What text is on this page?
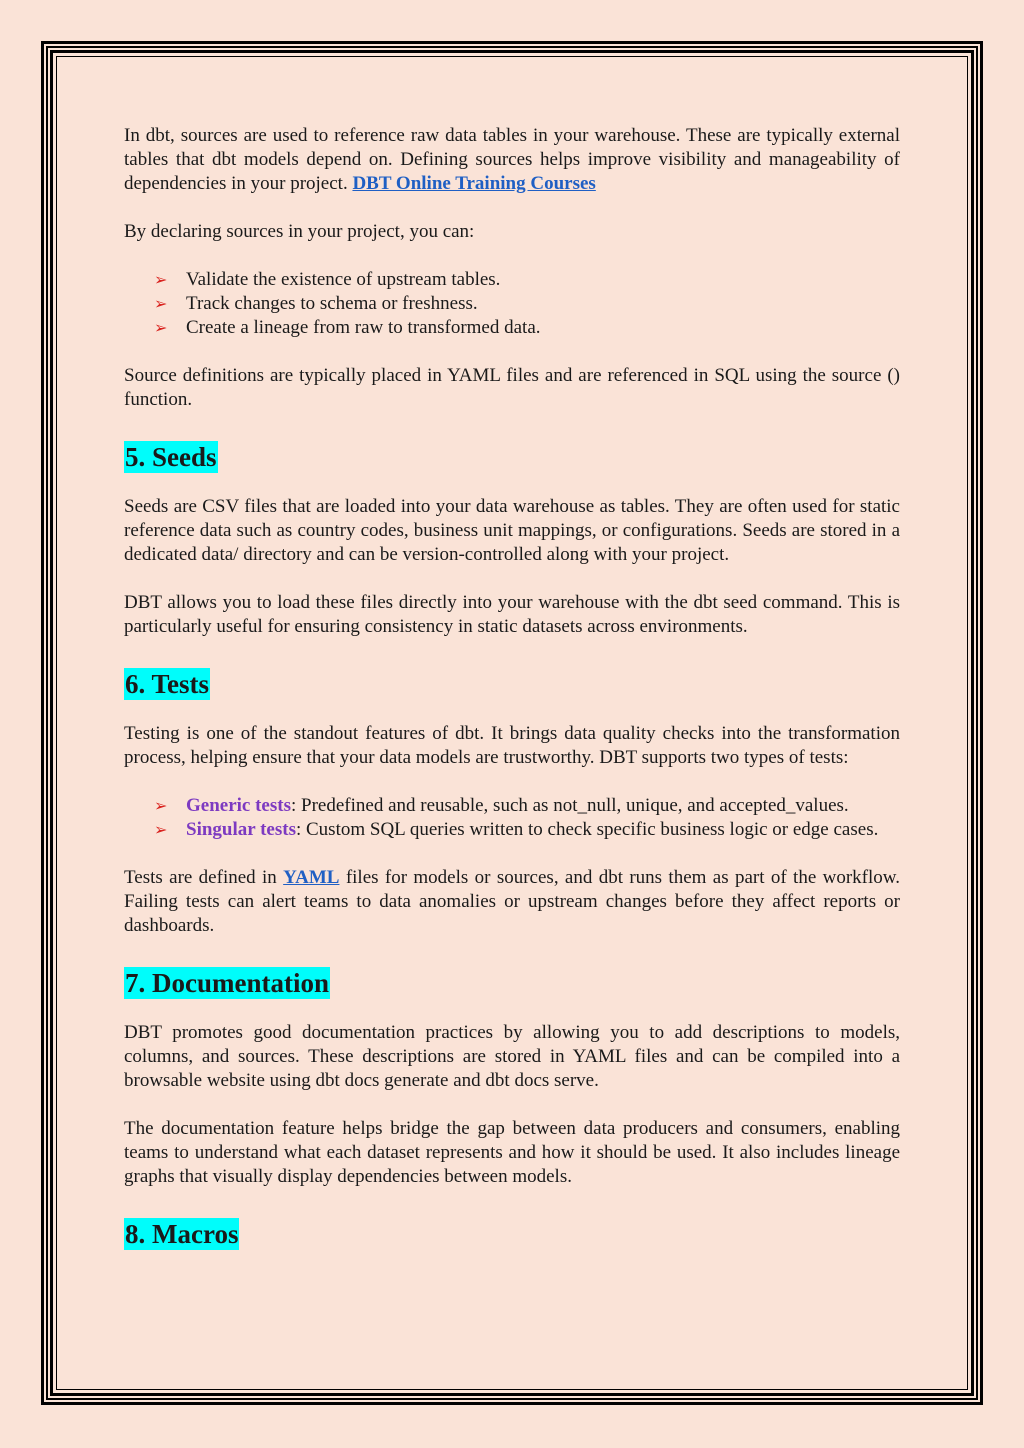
In dbt, sources are used to reference raw data tables in your warehouse. These are typically external tables that dbt models depend on. Defining sources helps improve visibility and manageability of dependencies in your project. DBT Online Training Courses

By declaring sources in your project, you can:

➢ Validate the existence of upstream tables.
➢ Track changes to schema or freshness.
➢ Create a lineage from raw to transformed data.

Source definitions are typically placed in YAML files and are referenced in SQL using the source () function.

5. Seeds

Seeds are CSV files that are loaded into your data warehouse as tables. They are often used for static reference data such as country codes, business unit mappings, or configurations. Seeds are stored in a dedicated data/ directory and can be version-controlled along with your project.

DBT allows you to load these files directly into your warehouse with the dbt seed command. This is particularly useful for ensuring consistency in static datasets across environments.

6. Tests

Testing is one of the standout features of dbt. It brings data quality checks into the transformation process, helping ensure that your data models are trustworthy. DBT supports two types of tests:

➢ Generic tests: Predefined and reusable, such as not_null, unique, and accepted_values.
➢ Singular tests: Custom SQL queries written to check specific business logic or edge cases.

Tests are defined in YAML files for models or sources, and dbt runs them as part of the workflow. Failing tests can alert teams to data anomalies or upstream changes before they affect reports or dashboards.

7. Documentation

DBT promotes good documentation practices by allowing you to add descriptions to models, columns, and sources. These descriptions are stored in YAML files and can be compiled into a browsable website using dbt docs generate and dbt docs serve.

The documentation feature helps bridge the gap between data producers and consumers, enabling teams to understand what each dataset represents and how it should be used. It also includes lineage graphs that visually display dependencies between models.

8. Macros
